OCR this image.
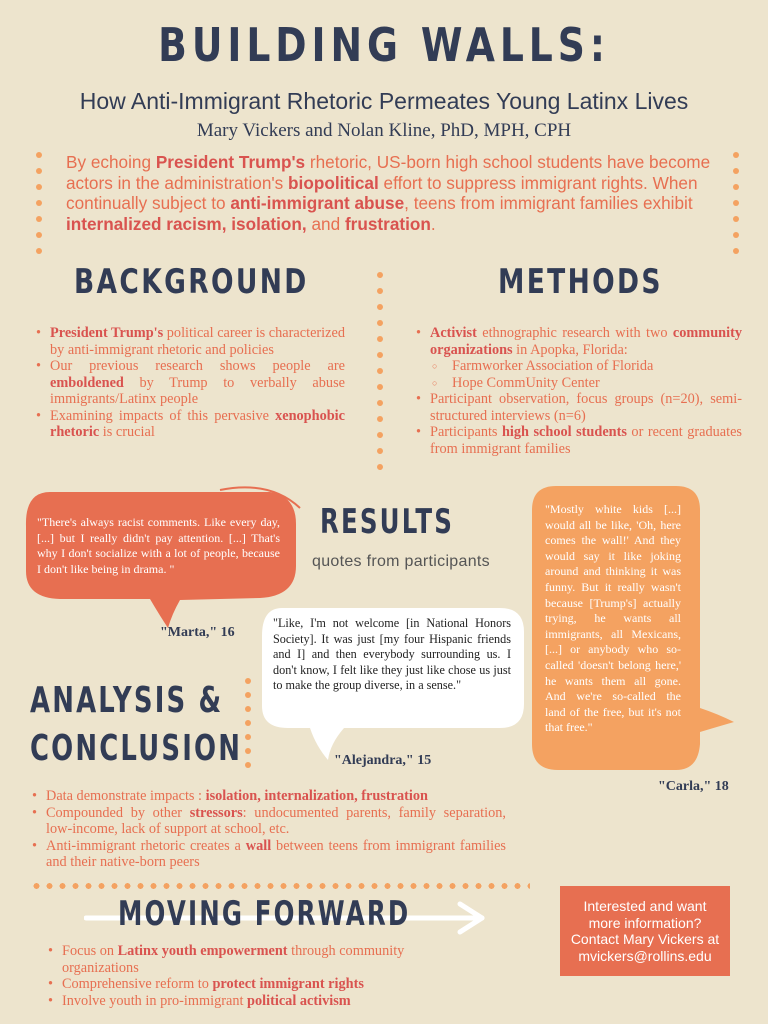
BUILDING WALLS:
How Anti-Immigrant Rhetoric Permeates Young Latinx Lives
Mary Vickers and Nolan Kline, PhD, MPH, CPH
By echoing President Trump's rhetoric, US-born high school students have become actors in the administration's biopolitical effort to suppress immigrant rights. When continually subject to anti-immigrant abuse, teens from immigrant families exhibit internalized racism, isolation, and frustration.
BACKGROUND
• President Trump's political career is characterized by anti-immigrant rhetoric and policies
• Our previous research shows people are emboldened by Trump to verbally abuse immigrants/Latinx people
• Examining impacts of this pervasive xenophobic rhetoric is crucial
METHODS
• Activist ethnographic research with two community organizations in Apopka, Florida:
○ Farmworker Association of Florida
○ Hope CommUnity Center
• Participant observation, focus groups (n=20), semi-structured interviews (n=6)
• Participants high school students or recent graduates from immigrant families
RESULTS
quotes from participants
"There's always racist comments. Like every day, [...] but I really didn't pay attention. [...] That's why I don't socialize with a lot of people, because I don't like being in drama. "
"Marta," 16
"Like, I'm not welcome [in National Honors Society]. It was just [my four Hispanic friends and I] and then everybody surrounding us. I don't know, I felt like they just like chose us just to make the group diverse, in a sense."
"Alejandra," 15
"Mostly white kids [...] would all be like, 'Oh, here comes the wall!' And they would say it like joking around and thinking it was funny. But it really wasn't because [Trump's] actually trying, he wants all immigrants, all Mexicans, [...] or anybody who so-called 'doesn't belong here,' he wants them all gone. And we're so-called the land of the free, but it's not that free."
"Carla," 18
ANALYSIS &
CONCLUSION
• Data demonstrate impacts : isolation, internalization, frustration
• Compounded by other stressors: undocumented parents, family separation, low-income, lack of support at school, etc.
• Anti-immigrant rhetoric creates a wall between teens from immigrant families and their native-born peers
MOVING FORWARD
• Focus on Latinx youth empowerment through community organizations
• Comprehensive reform to protect immigrant rights
• Involve youth in pro-immigrant political activism
Interested and want more information? Contact Mary Vickers at mvickers@rollins.edu
